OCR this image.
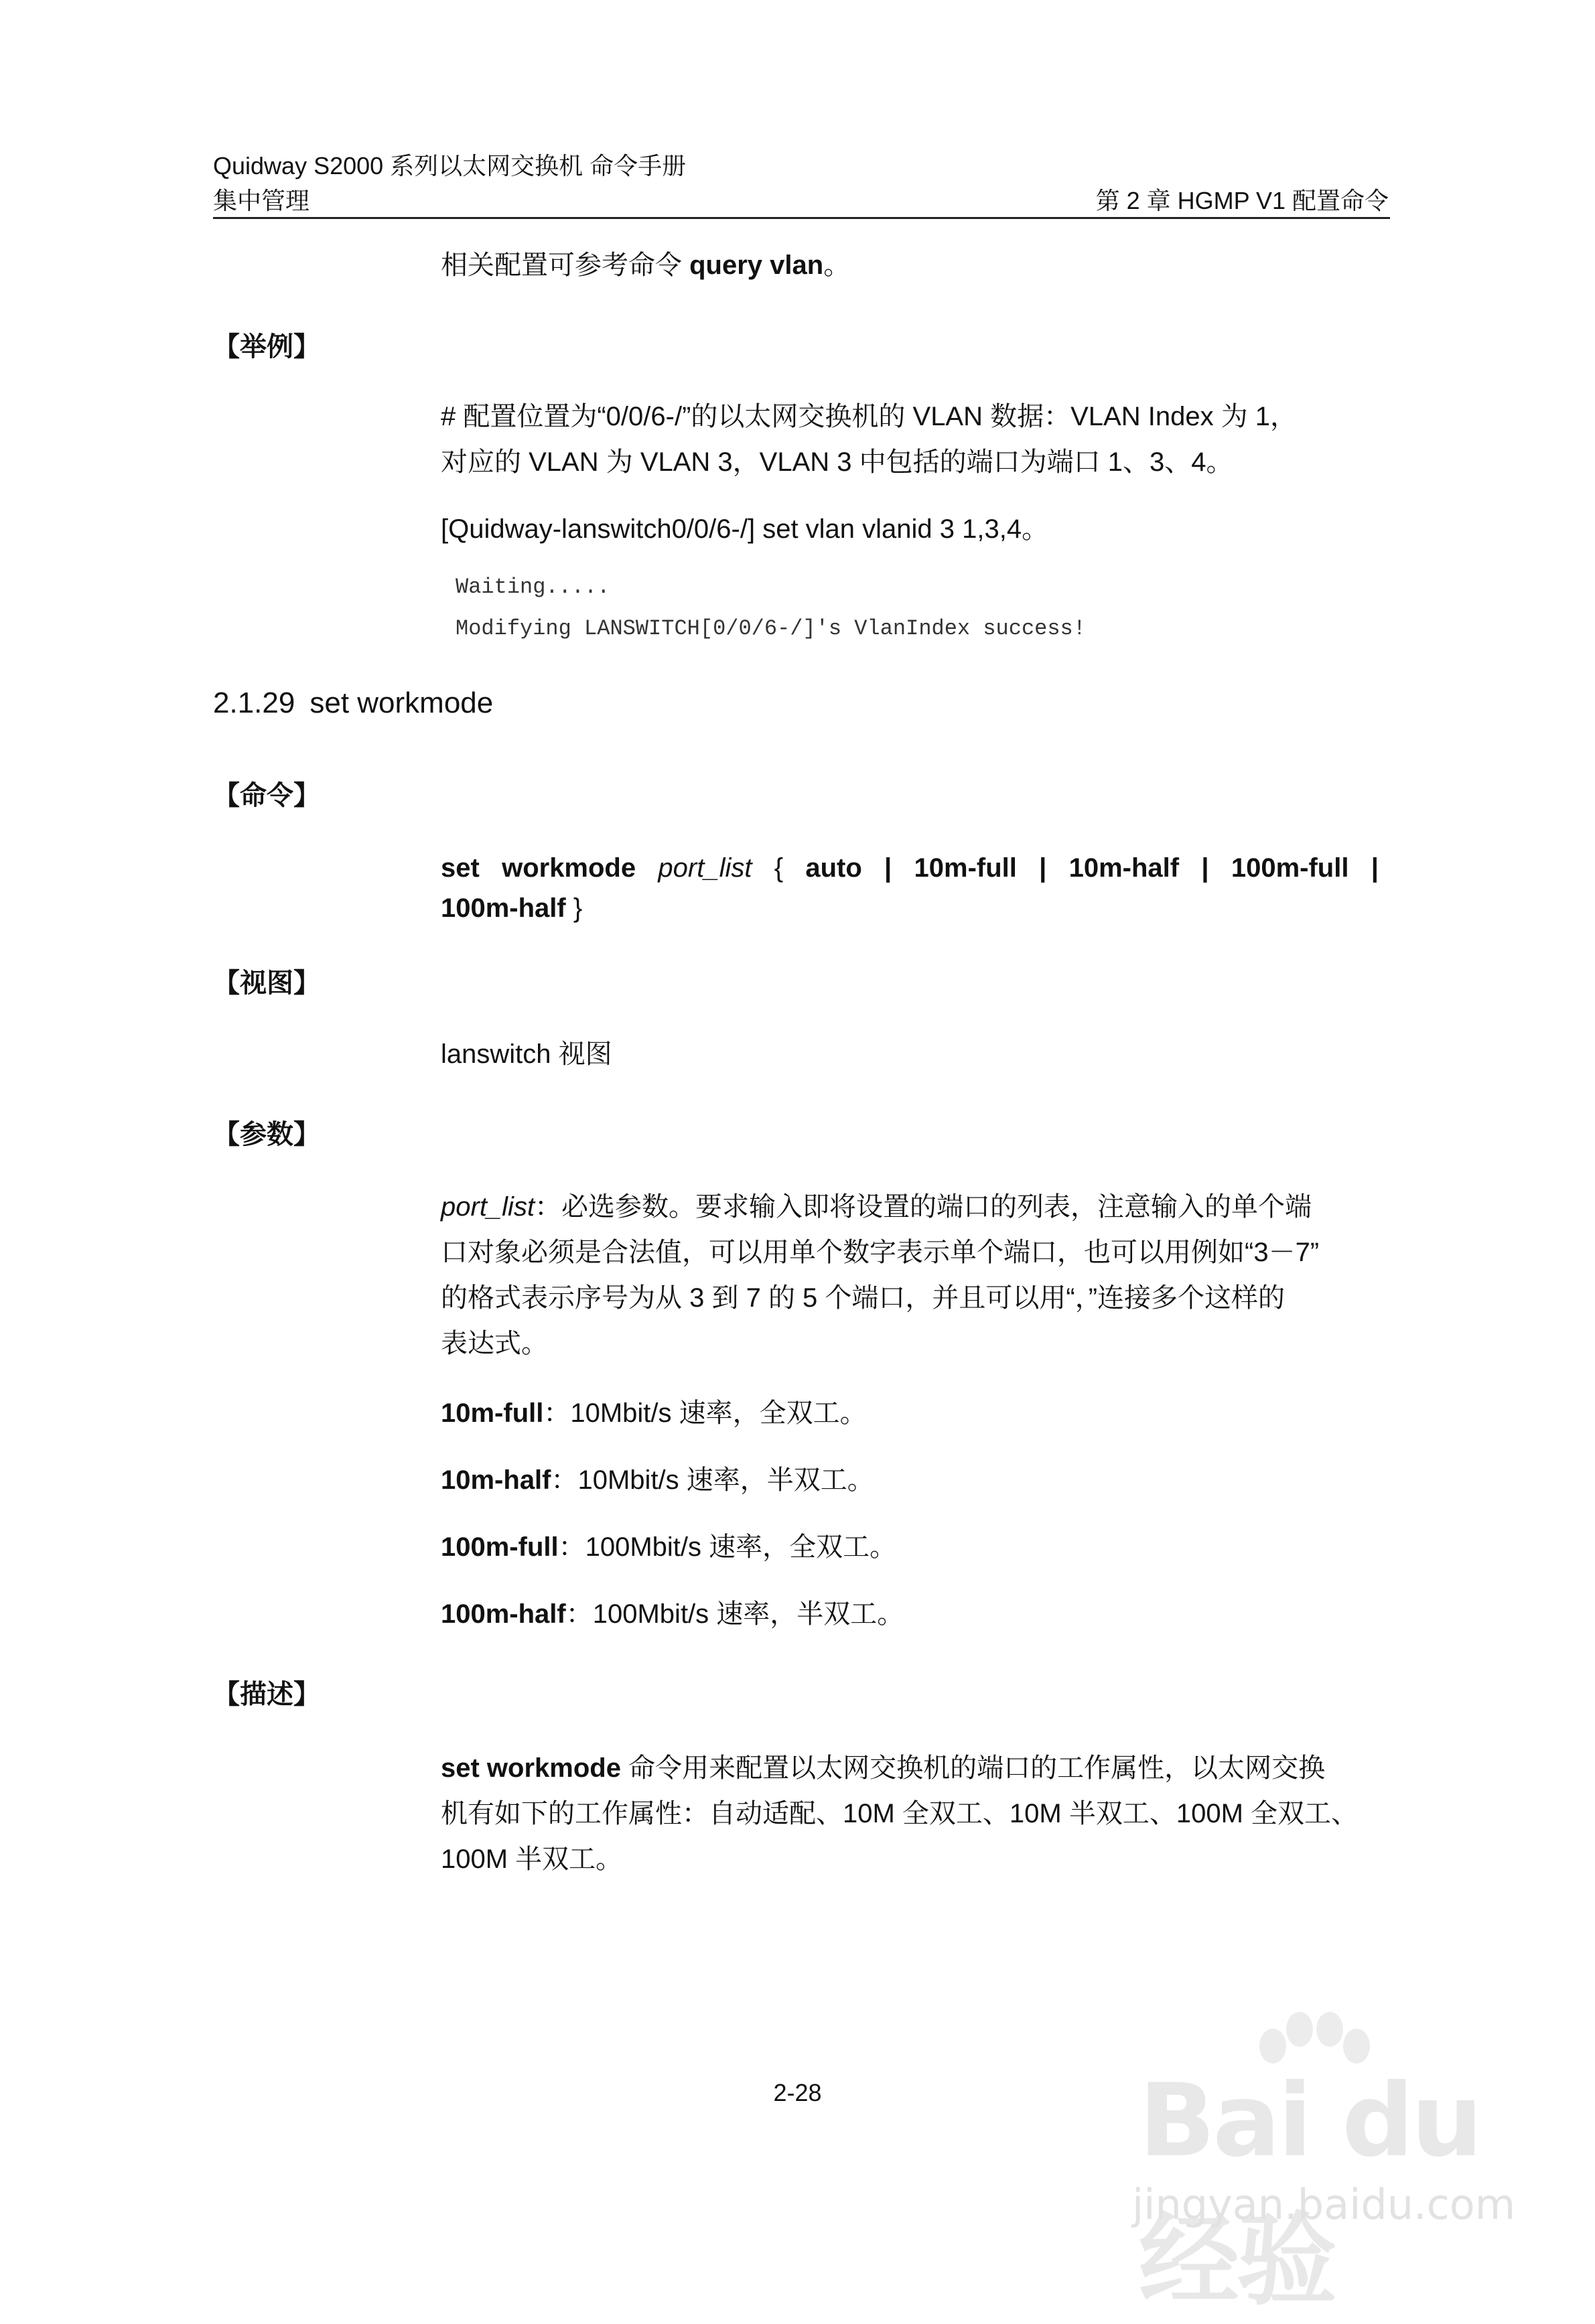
Quidway S2000 系列以太网交换机 命令手册
集中管理	第 2 章 HGMP V1 配置命令
相关配置可参考命令 query vlan。
【举例】
# 配置位置为“0/0/6-/”的以太网交换机的 VLAN 数据：VLAN Index 为 1，
对应的 VLAN 为 VLAN 3，VLAN 3 中包括的端口为端口 1、3、4。
[Quidway-lanswitch0/0/6-/] set vlan vlanid 3 1,3,4。
Waiting.....
Modifying LANSWITCH[0/0/6-/]'s VlanIndex success!
2.1.29 set workmode
【命令】
set workmode port_list { auto | 10m-full | 10m-half | 100m-full |
100m-half }
【视图】
lanswitch 视图
【参数】
port_list：必选参数。要求输入即将设置的端口的列表，注意输入的单个端
口对象必须是合法值，可以用单个数字表示单个端口，也可以用例如“3－7”
的格式表示序号为从 3 到 7 的 5 个端口，并且可以用“，”连接多个这样的
表达式。
10m-full：10Mbit/s 速率，全双工。
10m-half：10Mbit/s 速率，半双工。
100m-full：100Mbit/s 速率，全双工。
100m-half：100Mbit/s 速率，半双工。
【描述】
set workmode 命令用来配置以太网交换机的端口的工作属性，以太网交换
机有如下的工作属性：自动适配、10M 全双工、10M 半双工、100M 全双工、
100M 半双工。
2-28	Bai du 经验
jingyan.baidu.com
